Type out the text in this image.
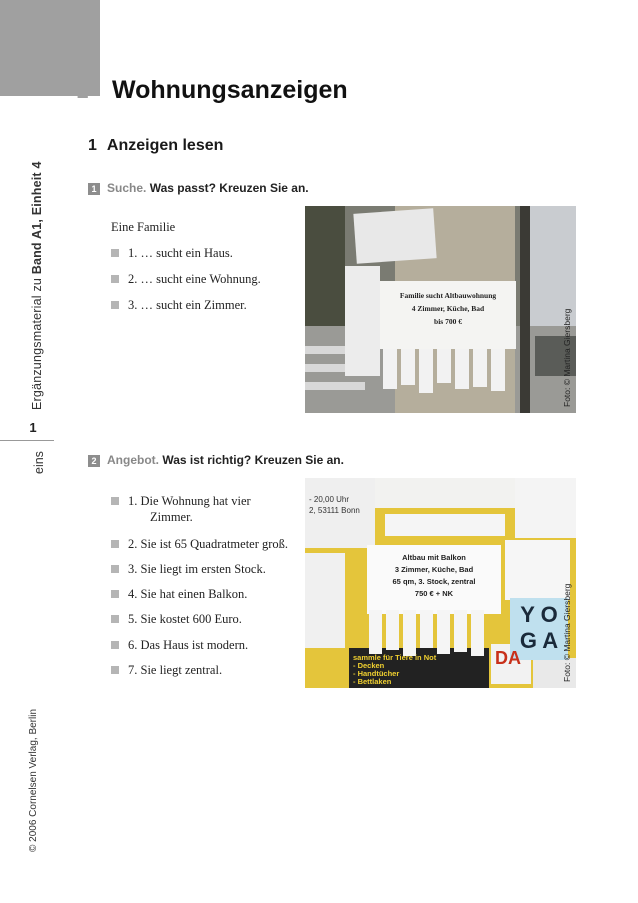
4 Wohnungsanzeigen
Ergänzungsmaterial zu Band A1, Einheit 4
1
eins
© 2006 Cornelsen Verlag, Berlin
1 Anzeigen lesen
1 Suche. Was passt? Kreuzen Sie an.
Eine Familie
1. … sucht ein Haus.
2. … sucht eine Wohnung.
3. … sucht ein Zimmer.
Familie sucht Altbauwohnung
4 Zimmer, Küche, Bad
bis 700 €	Foto: © Martina Giersberg
2 Angebot. Was ist richtig? Kreuzen Sie an.
1. Die Wohnung hat vier
Zimmer.
2. Sie ist 65 Quadratmeter groß.
3. Sie liegt im ersten Stock.
4. Sie hat einen Balkon.
5. Sie kostet 600 Euro.
6. Das Haus ist modern.
7. Sie liegt zentral.
- 20,00 Uhr
2, 53111 Bonn
Altbau mit Balkon
3 Zimmer, Küche, Bad
65 qm, 3. Stock, zentral
750 € + NK
Y O
G A
sammle für Tiere in Not
- Decken
- Handtücher
- Bettlaken
DA	Foto: © Martina Giersberg
